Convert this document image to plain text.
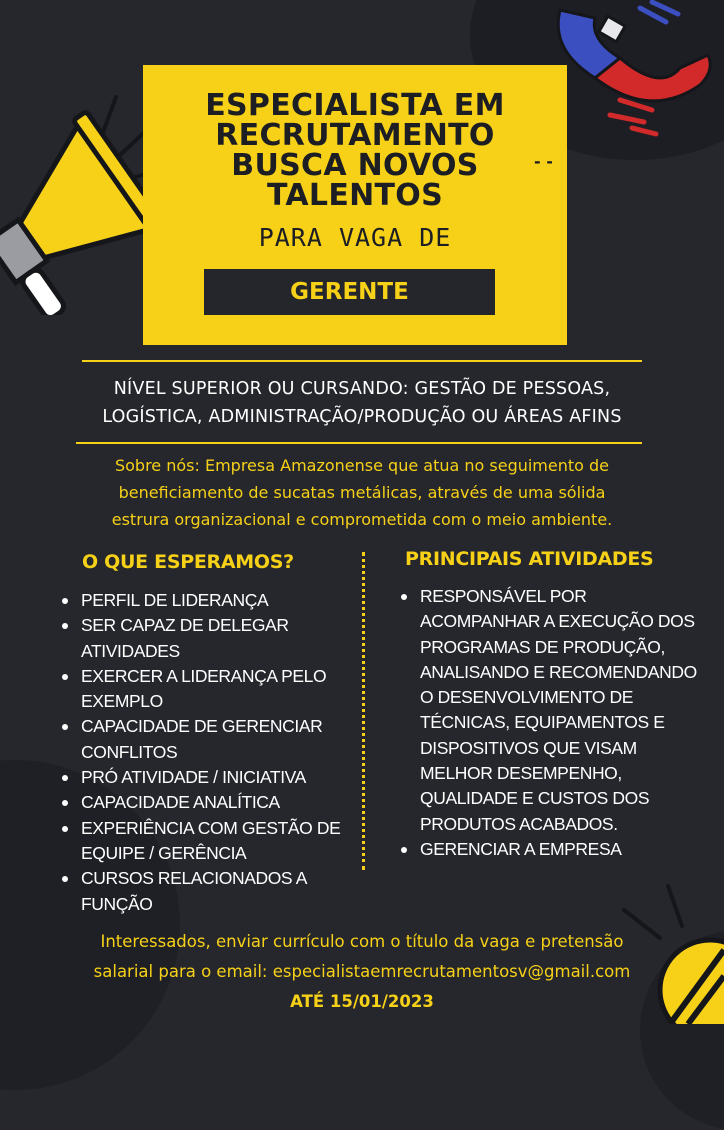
ESPECIALISTA EM
RECRUTAMENTO
BUSCA NOVOS
TALENTOS
- -
PARA VAGA DE
GERENTE
NÍVEL SUPERIOR OU CURSANDO: GESTÃO DE PESSOAS,
LOGÍSTICA, ADMINISTRAÇÃO/PRODUÇÃO OU ÁREAS AFINS
Sobre nós: Empresa Amazonense que atua no seguimento de
beneficiamento de sucatas metálicas, através de uma sólida
estrura organizacional e comprometida com o meio ambiente.
O QUE ESPERAMOS?	PRINCIPAIS ATIVIDADES
PERFIL DE LIDERANÇA
SER CAPAZ DE DELEGAR ATIVIDADES
EXERCER A LIDERANÇA PELO EXEMPLO
CAPACIDADE DE GERENCIAR CONFLITOS
PRÓ ATIVIDADE / INICIATIVA
CAPACIDADE ANALÍTICA
EXPERIÊNCIA COM GESTÃO DE EQUIPE / GERÊNCIA
CURSOS RELACIONADOS A FUNÇÃO
RESPONSÁVEL POR ACOMPANHAR A EXECUÇÃO DOS PROGRAMAS DE PRODUÇÃO, ANALISANDO E RECOMENDANDO O DESENVOLVIMENTO DE TÉCNICAS, EQUIPAMENTOS E DISPOSITIVOS QUE VISAM MELHOR DESEMPENHO, QUALIDADE E CUSTOS DOS PRODUTOS ACABADOS.
GERENCIAR A EMPRESA
Interessados, enviar currículo com o título da vaga e pretensão
salarial para o email: especialistaemrecrutamentosv@gmail.com
ATÉ 15/01/2023
